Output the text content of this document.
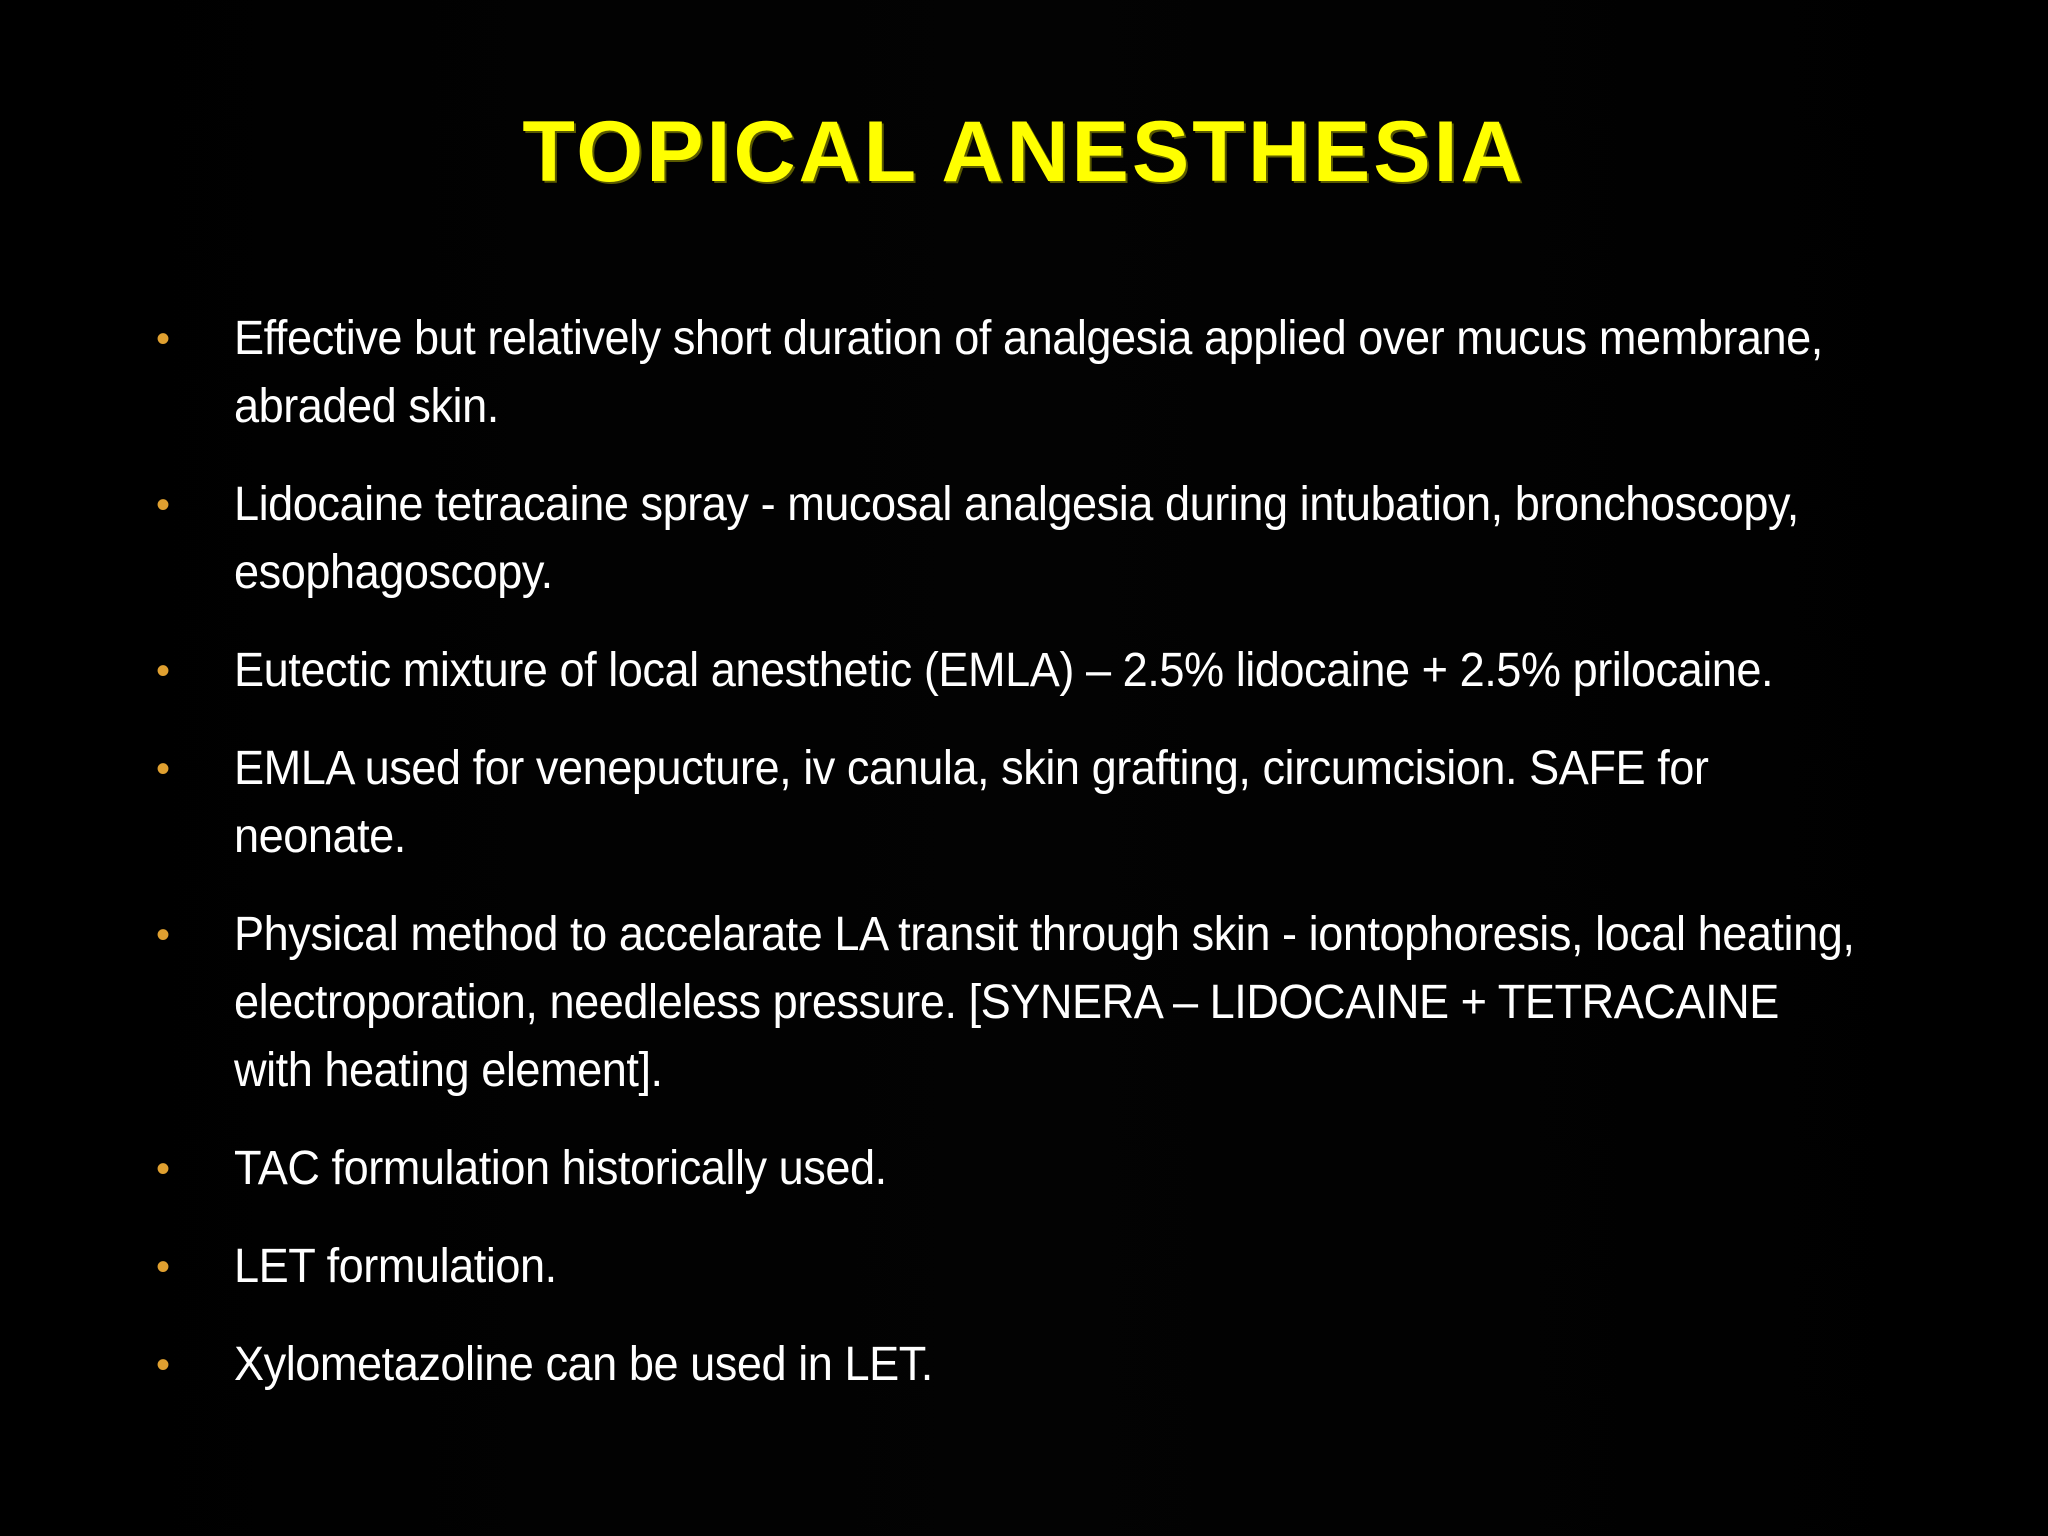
TOPICAL ANESTHESIA
• Effective but relatively short duration of analgesia applied over mucus membrane, abraded skin.
• Lidocaine tetracaine spray - mucosal analgesia during intubation, bronchoscopy, esophagoscopy.
• Eutectic mixture of local anesthetic (EMLA) – 2.5% lidocaine + 2.5% prilocaine.
• EMLA used for venepucture, iv canula, skin grafting, circumcision. SAFE for neonate.
• Physical method to accelarate LA transit through skin - iontophoresis, local heating, electroporation, needleless pressure. [SYNERA – LIDOCAINE + TETRACAINE with heating element].
• TAC formulation historically used.
• LET formulation.
• Xylometazoline can be used in LET.
